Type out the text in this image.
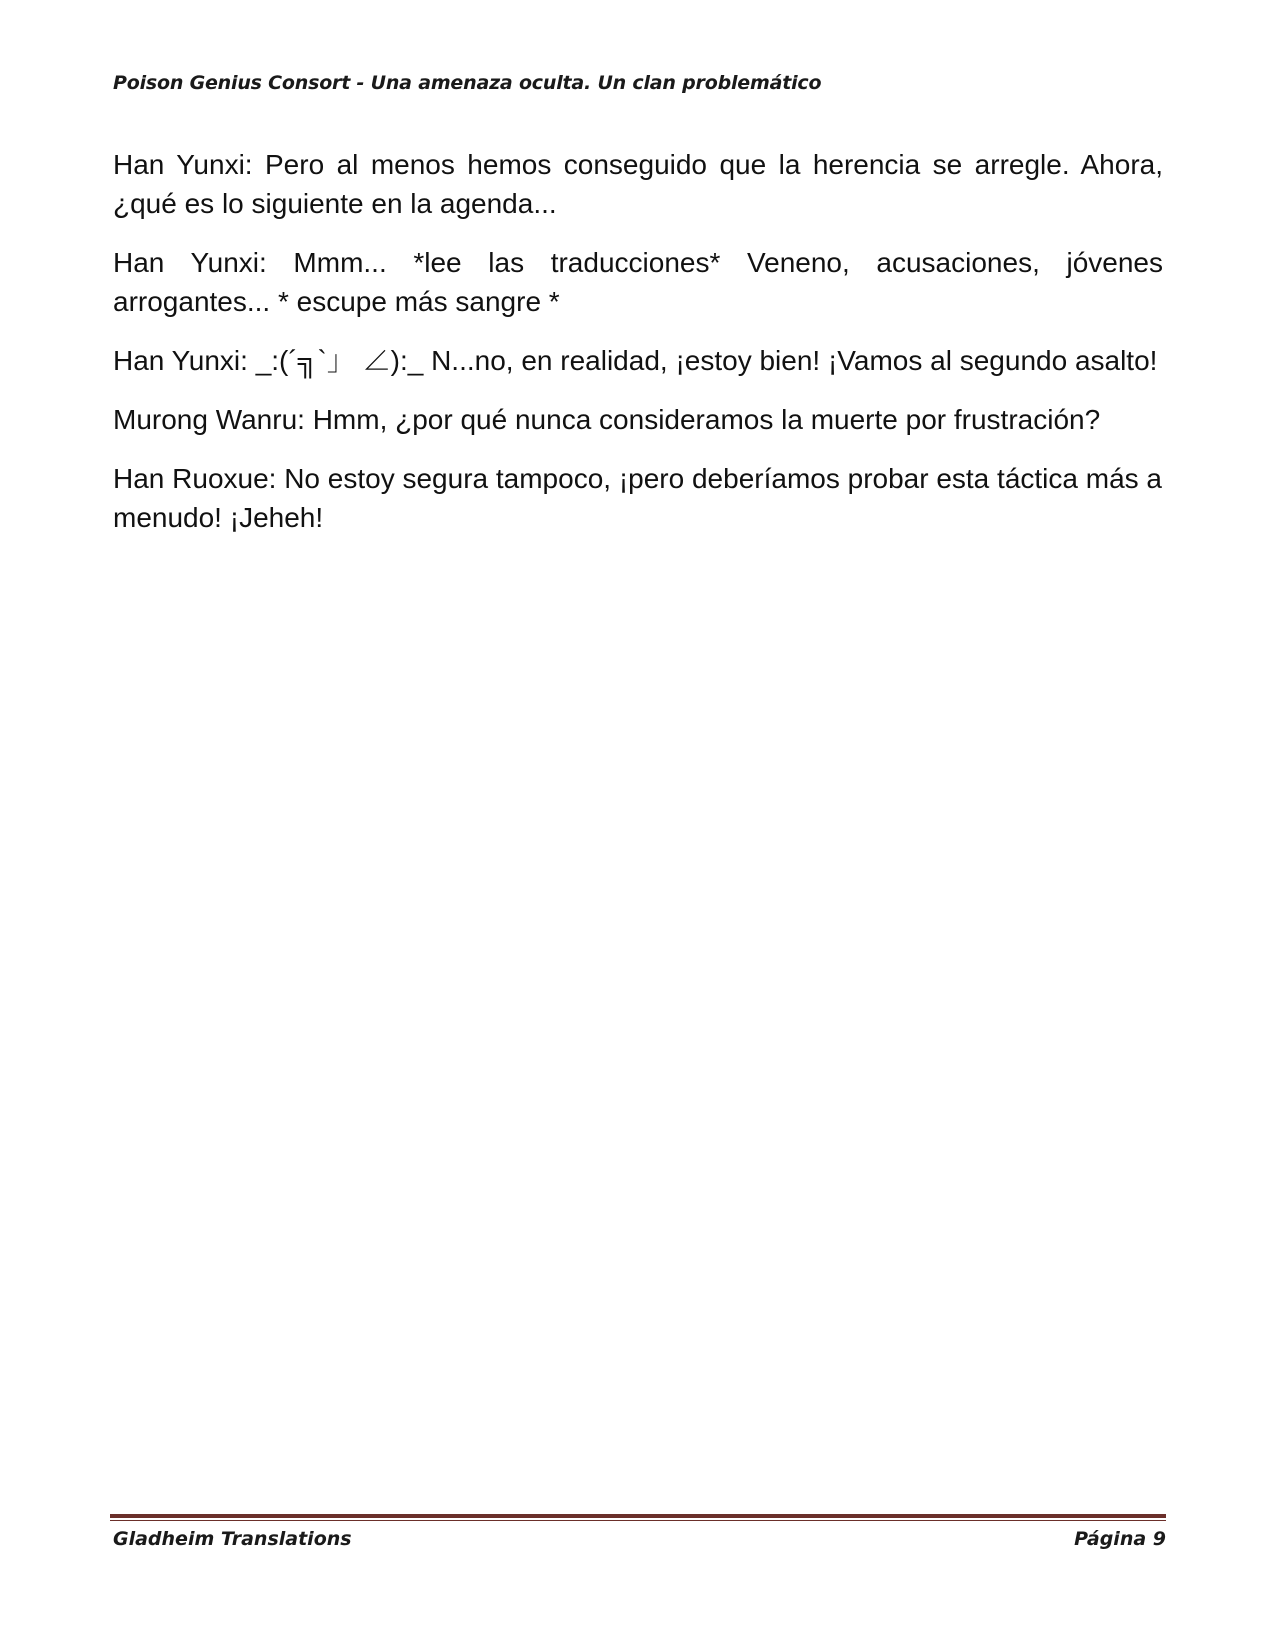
Poison Genius Consort - Una amenaza oculta. Un clan problemático

Han Yunxi: Pero al menos hemos conseguido que la herencia se arregle. Ahora, ¿qué es lo siguiente en la agenda...

Han Yunxi: Mmm... *lee las traducciones* Veneno, acusaciones, jóvenes arrogantes... * escupe más sangre *

Han Yunxi: _:(´╗`」 ∠):_ N...no, en realidad, ¡estoy bien! ¡Vamos al segundo asalto!

Murong Wanru: Hmm, ¿por qué nunca consideramos la muerte por frustración?

Han Ruoxue: No estoy segura tampoco, ¡pero deberíamos probar esta táctica más a menudo! ¡Jeheh!

Gladheim Translations	Página 9
